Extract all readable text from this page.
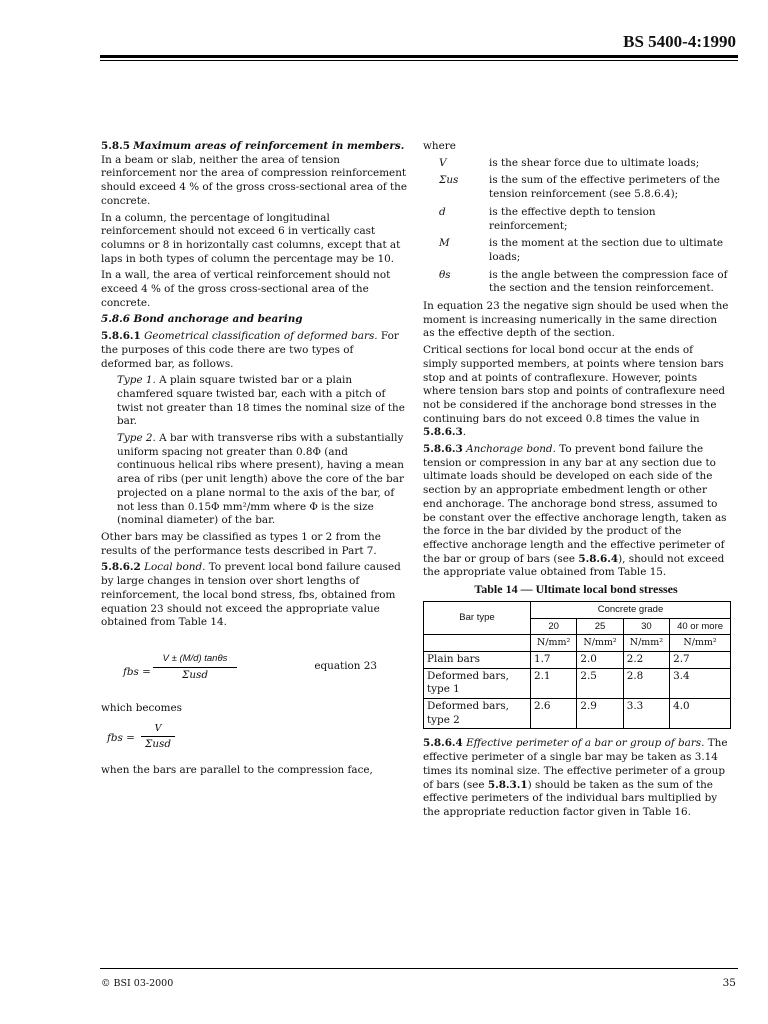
BS 5400-4:1990

5.8.5 Maximum areas of reinforcement in members. In a beam or slab, neither the area of tension reinforcement nor the area of compression reinforcement should exceed 4 % of the gross cross-sectional area of the concrete.

In a column, the percentage of longitudinal reinforcement should not exceed 6 in vertically cast columns or 8 in horizontally cast columns, except that at laps in both types of column the percentage may be 10.

In a wall, the area of vertical reinforcement should not exceed 4 % of the gross cross-sectional area of the concrete.

5.8.6 Bond anchorage and bearing

5.8.6.1 Geometrical classification of deformed bars. For the purposes of this code there are two types of deformed bar, as follows.

Type 1. A plain square twisted bar or a plain chamfered square twisted bar, each with a pitch of twist not greater than 18 times the nominal size of the bar.

Type 2. A bar with transverse ribs with a substantially uniform spacing not greater than 0.8Φ (and continuous helical ribs where present), having a mean area of ribs (per unit length) above the core of the bar projected on a plane normal to the axis of the bar, of not less than 0.15Φ mm²/mm where Φ is the size (nominal diameter) of the bar.

Other bars may be classified as types 1 or 2 from the results of the performance tests described in Part 7.

5.8.6.2 Local bond. To prevent local bond failure caused by large changes in tension over short lengths of reinforcement, the local bond stress, fbs, obtained from equation 23 should not exceed the appropriate value obtained from Table 14.

fbs =
V ± (M/d) tanθs
Σusd
equation 23

which becomes

fbs =
V
Σusd

when the bars are parallel to the compression face,

where

V	is the shear force due to ultimate loads;
Σus	is the sum of the effective perimeters of the tension reinforcement (see 5.8.6.4);
d	is the effective depth to tension reinforcement;
M	is the moment at the section due to ultimate loads;
θs	is the angle between the compression face of the section and the tension reinforcement.

In equation 23 the negative sign should be used when the moment is increasing numerically in the same direction as the effective depth of the section.

Critical sections for local bond occur at the ends of simply supported members, at points where tension bars stop and at points of contraflexure. However, points where tension bars stop and points of contraflexure need not be considered if the anchorage bond stresses in the continuing bars do not exceed 0.8 times the value in 5.8.6.3.

5.8.6.3 Anchorage bond. To prevent bond failure the tension or compression in any bar at any section due to ultimate loads should be developed on each side of the section by an appropriate embedment length or other end anchorage. The anchorage bond stress, assumed to be constant over the effective anchorage length, taken as the force in the bar divided by the product of the effective anchorage length and the effective perimeter of the bar or group of bars (see 5.8.6.4), should not exceed the appropriate value obtained from Table 15.

Table 14 — Ultimate local bond stresses
Bar type	Concrete grade			
	20	25	30	40 or more
	N/mm²	N/mm²	N/mm²	N/mm²
Plain bars	1.7	2.0	2.2	2.7
Deformed bars, type 1	2.1	2.5	2.8	3.4
Deformed bars, type 2	2.6	2.9	3.3	4.0

5.8.6.4 Effective perimeter of a bar or group of bars. The effective perimeter of a single bar may be taken as 3.14 times its nominal size. The effective perimeter of a group of bars (see 5.8.3.1) should be taken as the sum of the effective perimeters of the individual bars multiplied by the appropriate reduction factor given in Table 16.

© BSI 03-2000	35
